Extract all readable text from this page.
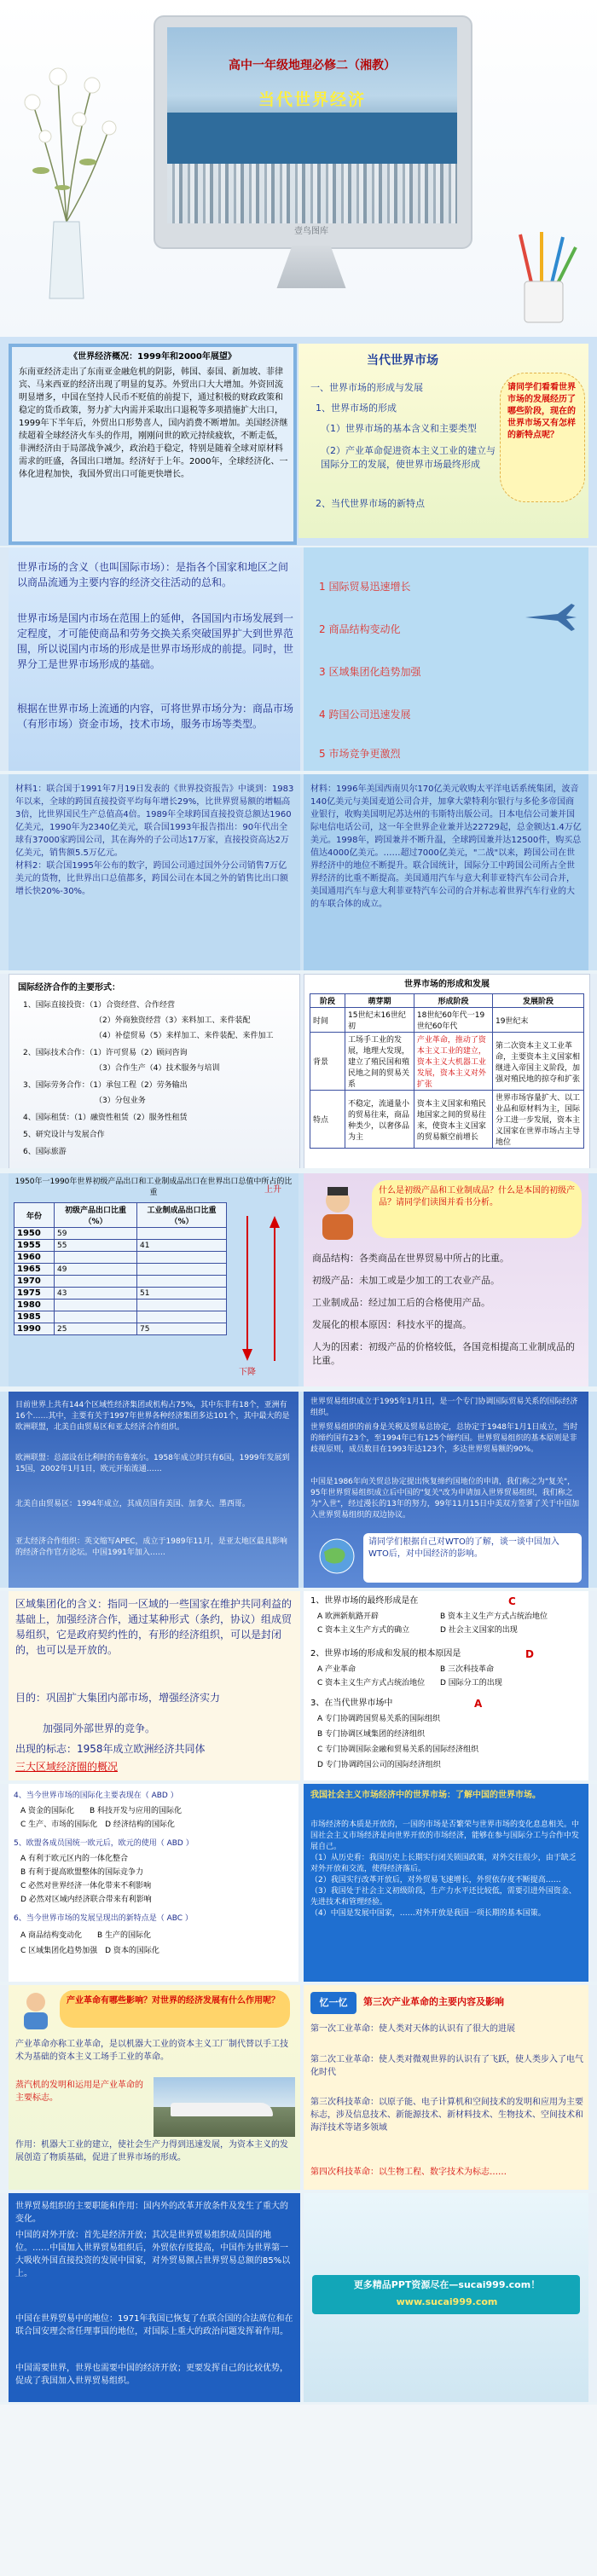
高中一年级地理必修二（湘教）
当代世界经济
壹鸟图库
《世界经济概况：1999年和2000年展望》
东南亚经济走出了东南亚金融危机的阴影，韩国、泰国、新加坡、菲律宾、马来西亚的经济出现了明显的复苏。外贸出口大大增加。外资回流明显增多，中国在坚持人民币不贬值的前提下，通过积极的财政政策和稳定的货币政策，努力扩大内需并采取出口退税等多项措施扩大出口，1999年下半年后，外贸出口形势喜人，国内消费不断增加。美国经济继续超着全球经济火车头的作用，刚刚问世的欧元持续疲软，不断走低，非洲经济由于局部战争减少，政治趋于稳定，特别是随着全球对原材料需求的旺盛，各国出口增加。经济好于上年。2000年，全球经济化、一体化进程加快，我国外贸出口可能更快增长。
当代世界市场
一、世界市场的形成与发展
1、世界市场的形成
（1）世界市场的基本含义和主要类型
（2）产业革命促进资本主义工业的建立与国际分工的发展，使世界市场最终形成
2、当代世界市场的新特点
请同学们看看世界市场的发展经历了哪些阶段，现在的世界市场又有怎样的新特点呢？
世界市场的含义（也叫国际市场）：是指各个国家和地区之间以商品流通为主要内容的经济交往活动的总和。
世界市场是国内市场在范围上的延伸，各国国内市场发展到一定程度，才可能使商品和劳务交换关系突破国界扩大到世界范围，所以说国内市场的形成是世界市场形成的前提。同时，世界分工是世界市场形成的基础。
根据在世界市场上流通的内容，可将世界市场分为：商品市场（有形市场）资金市场，技术市场，服务市场等类型。
1 国际贸易迅速增长
2 商品结构变动化
3 区域集团化趋势加强
4 跨国公司迅速发展
5 市场竞争更激烈
材料1：联合国于1991年7月19日发表的《世界投资报告》中谈到：1983年以来，全球的跨国直接投资平均每年增长29%，比世界贸易额的增幅高3倍，比世界国民生产总值高4倍。1989年全球跨国直接投资总额达1960亿美元，1990年为2340亿美元，联合国1993年报告指出：90年代出全球有37000家跨国公司，其在海外的子公司达17万家，直接投资高达2万亿美元，销售额5.5万亿元。
材料2：联合国1995年公布的数字，跨国公司通过国外分公司销售7万亿美元的货物，比世界出口总值都多，跨国公司在本国之外的销售比出口额增长快20%-30%。
材料：1996年美国西南贝尔170亿美元收购太平洋电话系统集团，波音140亿美元与美国麦道公司合并，加拿大蒙特利尔银行与多伦多帝国商业银行，收购美国明尼苏达州的韦斯特出版公司。日本电信公司兼并国际电信电话公司，这一年全世界企业兼并达22729起，总金额达1.4万亿美元。1998年，跨国兼并不断升温，全球跨国兼并达12500件，购买总值达4000亿美元。……超过7000亿美元，"二战"以来，跨国公司在世界经济中的地位不断提升。联合国统计，国际分工中跨国公司所占全世界经济的比重不断提高。美国通用汽车与意大利菲亚特汽车公司合并，美国通用汽车与意大利菲亚特汽车公司的合并标志着世界汽车行业的大的车联合体的成立。
国际经济合作的主要形式：
1、国际直接投资：（1）合资经营、合作经营
（2）外商独资经营（3）来料加工、来件装配
（4）补偿贸易（5）来样加工、来件装配、来件加工
2、国际技术合作：（1）许可贸易（2）顾问咨询
（3）合作生产（4）技术服务与培训
3、国际劳务合作：（1）承包工程（2）劳务输出
（3）分包业务
4、国际租赁：（1）融资性租赁（2）服务性租赁
5、研究设计与发展合作
6、国际旅游
世界市场的形成和发展
阶段	萌芽期	形成阶段	发展阶段
时间	15世纪末16世纪初	18世纪60年代一19世纪60年代	19世纪末
背景	工场手工业的发展，地理大发现，建立了殖民国和殖民地之间的贸易关系	产业革命，推动了资本主义工业的建立，资本主义大机器工业发展，资本主义对外扩张	第二次资本主义工业革命，主要资本主义国家相继进入帝国主义阶段，加强对殖民地的掠夺和扩张
特点	不稳定，流通量小的贸易往来，商品种类少，以奢侈品为主	资本主义国家和殖民地国家之间的贸易往来，使资本主义国家的贸易额空前增长	世界市场容量扩大、以工业品和原材料为主，国际分工进一步发展，资本主义国家在世界市场占主导地位
1950年一1990年世界初级产品出口和工业制成品出口在世界出口总值中所占的比重
年份	初级产品出口比重（%）	工业制成品出口比重（%）
1950	59	
1955	55	41
1960		
1965	49	
1970		
1975	43	51
1980		
1985		
1990	25	75
上升
下降
什么是初级产品和工业制成品？什么是本国的初级产品？请同学们读图并看书分析。
商品结构：各类商品在世界贸易中所占的比重。
初级产品：未加工或是少加工的工农业产品。
工业制成品：经过加工后的合格使用产品。
发展化的根本原因：科技水平的提高。
人为的因素：初级产品的价格较低，各国竞相提高工业制成品的比重。
目前世界上共有144个区域性经济集团或机构占75%，其中东非有18个，亚洲有16个……其中，主要有关于1997年世界各种经济集团多达101个，其中最大的是欧洲联盟，北美自由贸易区和亚太经济合作组织。
欧洲联盟：总部设在比利时的布鲁塞尔。1958年成立时只有6国，1999年发展到15国，2002年1月1日，欧元开始流通……
北美自由贸易区：1994年成立，其成员国有美国、加拿大、墨西哥。
亚太经济合作组织：英文缩写APEC，成立于1989年11月，是亚太地区最具影响的经济合作官方论坛。中国1991年加入……
世界贸易组织成立于1995年1月1日，是一个专门协调国际贸易关系的国际经济组织。
世界贸易组织的前身是关税及贸易总协定，总协定于1948年1月1日成立，当时的缔约国有23个，至1994年已有125个缔约国。世界贸易组织的基本原则是非歧视原则，成员数目在1993年达123个，多达世界贸易额的90%。
中国是1986年向关贸总协定提出恢复缔约国地位的申请，我们称之为"复关"，95年世界贸易组织成立后中国的"复关"改为申请加入世界贸易组织，我们称之为"入世"，经过漫长的13年的努力，99年11月15日中美双方签署了关于中国加入世界贸易组织的双边协议。
请同学们根据自己对WTO的了解，谈一谈中国加入WTO后，对中国经济的影响。
区域集团化的含义：指同一区域的一些国家在维护共同利益的基础上，加强经济合作，通过某种形式（条约，协议）组成贸易组织，它是政府契约性的，有形的经济组织，可以是封闭的，也可以是开放的。
目的：巩固扩大集团内部市场，增强经济实力
加强同外部世界的竞争。
出现的标志：1958年成立欧洲经济共同体
三大区域经济圈的概况
1、世界市场的最终形成是在	C
A 欧洲新航路开辟	B 资本主义生产方式占统治地位
C 资本主义生产方式的确立	D 社会主义国家的出现
2、世界市场的形成和发展的根本原因是	D
A 产业革命	B 三次科技革命
C 资本主义生产方式占统治地位 D 国际分工的出现
3、在当代世界市场中	A
A 专门协调跨国贸易关系的国际组织
B 专门协调区域集团的经济组织
C 专门协调国际金融和贸易关系的国际经济组织
D 专门协调跨国公司的国际经济组织
4、当今世界市场的国际化主要表现在（ ABD ）
A 资金的国际化　　B 科技开发与应用的国际化
C 生产、市场的国际化　D 经济结构的国际化
5、欧盟各成员国统一欧元后，欧元的使用（ ABD ）
A 有利于欧元区内的一体化整合
B 有利于提高欧盟整体的国际竞争力
C 必然对世界经济一体化带来不利影响
D 必然对区域内经济联合带来有利影响
6、当今世界市场的发展呈现出的新特点是（ ABC ）
A 商品结构变动化　　B 生产的国际化
C 区域集团化趋势加强　D 资本的国际化
我国社会主义市场经济中的世界市场：了解中国的世界市场。
市场经济的本质是开放的，一国的市场是否繁荣与世界市场的变化息息相关。中国社会主义市场经济是向世界开放的市场经济，能够在参与国际分工与合作中发展自己。
（1）从历史看：我国历史上长期实行闭关锁国政策，对外交往很少，由于缺乏对外开放和交流，使得经济落后。
（2）我国实行改革开放后，对外贸易飞速增长，外贸依存度不断提高……
（3）我国处于社会主义初级阶段，生产力水平还比较低，需要引进外国资金、先进技术和管理经验。
（4）中国是发展中国家，……对外开放是我国一项长期的基本国策。
产业革命有哪些影响？对世界的经济发展有什么作用呢？
产业革命亦称工业革命，是以机器大工业的资本主义工厂制代替以手工技术为基础的资本主义工场手工业的革命。
蒸汽机的发明和运用是产业革命的主要标志。
作用：机器大工业的建立，使社会生产力得到迅速发展，为资本主义的发展创造了物质基础，促进了世界市场的形成。
忆一忆	第三次产业革命的主要内容及影响
第一次工业革命：使人类对天体的认识有了很大的进展
第二次工业革命：使人类对微观世界的认识有了飞跃，使人类步入了电气化时代
第三次科技革命：以原子能、电子计算机和空间技术的发明和应用为主要标志，涉及信息技术、新能源技术、新材料技术、生物技术、空间技术和海洋技术等诸多领域
第四次科技革命：以生物工程、数字技术为标志……
世界贸易组织的主要职能和作用：国内外的改革开放条件及发生了重大的变化。
中国的对外开放：首先是经济开放；其次是世界贸易组织成员国的地位。……中国加入世界贸易组织后，外贸依存度提高，中国作为世界第一大吸收外国直接投资的发展中国家，对外贸易额占世界贸易总额的85%以上。
中国在世界贸易中的地位：1971年我国已恢复了在联合国的合法席位和在联合国安理会常任理事国的地位，对国际上重大的政治问题发挥着作用。
中国需要世界，世界也需要中国的经济开放；更要发挥自己的比较优势，促成了我国加入世界贸易组织。
更多精品PPT资源尽在—sucai999.com！
www.sucai999.com
